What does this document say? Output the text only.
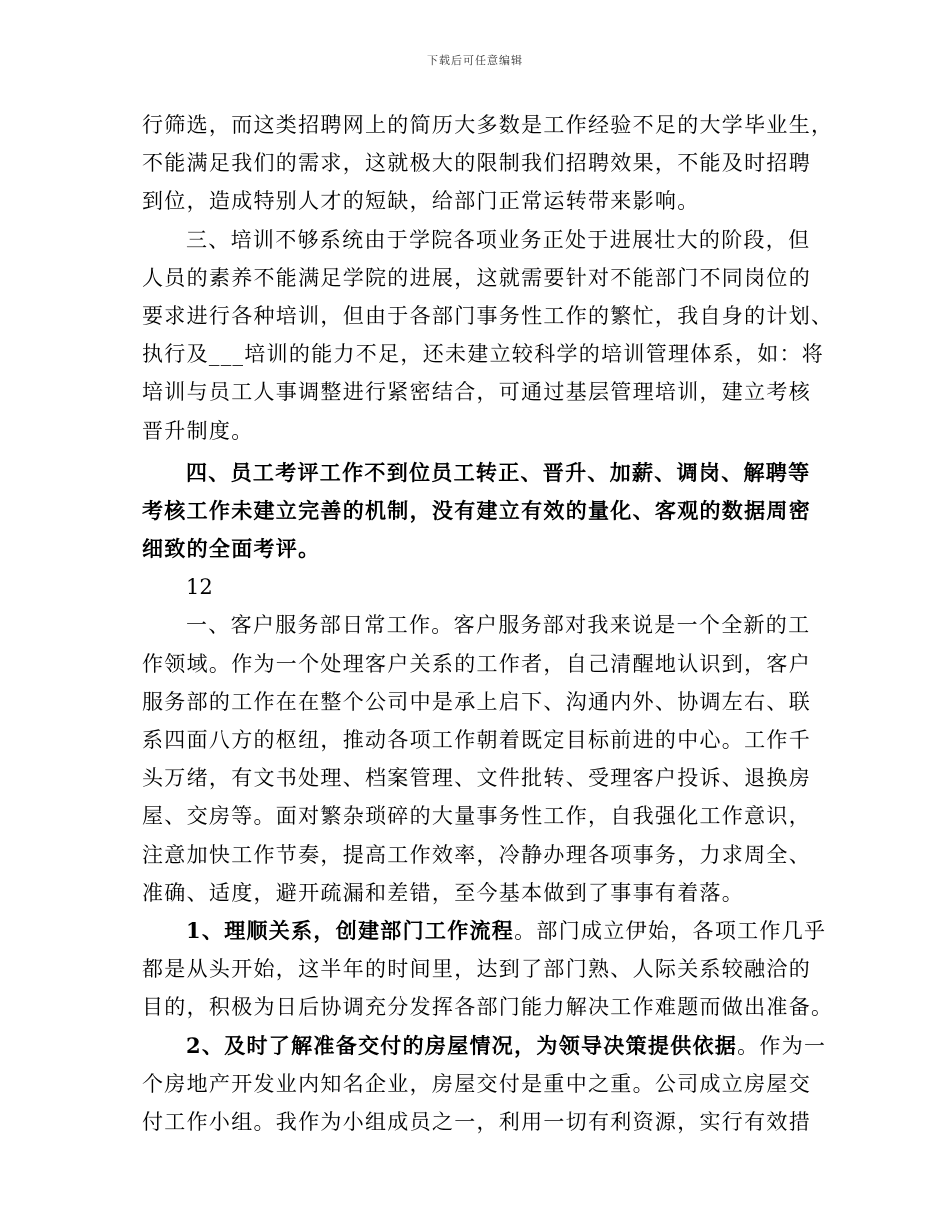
下载后可任意编辑
行筛选，而这类招聘网上的简历大多数是工作经验不足的大学毕业生，
不能满足我们的需求，这就极大的限制我们招聘效果，不能及时招聘
到位，造成特别人才的短缺，给部门正常运转带来影响。
三、培训不够系统由于学院各项业务正处于进展壮大的阶段，但
人员的素养不能满足学院的进展，这就需要针对不能部门不同岗位的
要求进行各种培训，但由于各部门事务性工作的繁忙，我自身的计划、
执行及___培训的能力不足，还未建立较科学的培训管理体系，如：将
培训与员工人事调整进行紧密结合，可通过基层管理培训，建立考核
晋升制度。
四、员工考评工作不到位员工转正、晋升、加薪、调岗、解聘等
考核工作未建立完善的机制，没有建立有效的量化、客观的数据周密
细致的全面考评。
12
一、客户服务部日常工作。客户服务部对我来说是一个全新的工
作领域。作为一个处理客户关系的工作者，自己清醒地认识到，客户
服务部的工作在在整个公司中是承上启下、沟通内外、协调左右、联
系四面八方的枢纽，推动各项工作朝着既定目标前进的中心。工作千
头万绪，有文书处理、档案管理、文件批转、受理客户投诉、退换房
屋、交房等。面对繁杂琐碎的大量事务性工作，自我强化工作意识，
注意加快工作节奏，提高工作效率，冷静办理各项事务，力求周全、
准确、适度，避开疏漏和差错，至今基本做到了事事有着落。
1、理顺关系，创建部门工作流程。部门成立伊始，各项工作几乎
都是从头开始，这半年的时间里，达到了部门熟、人际关系较融洽的
目的，积极为日后协调充分发挥各部门能力解决工作难题而做出准备。
2、及时了解准备交付的房屋情况，为领导决策提供依据。作为一
个房地产开发业内知名企业，房屋交付是重中之重。公司成立房屋交
付工作小组。我作为小组成员之一，利用一切有利资源，实行有效措
